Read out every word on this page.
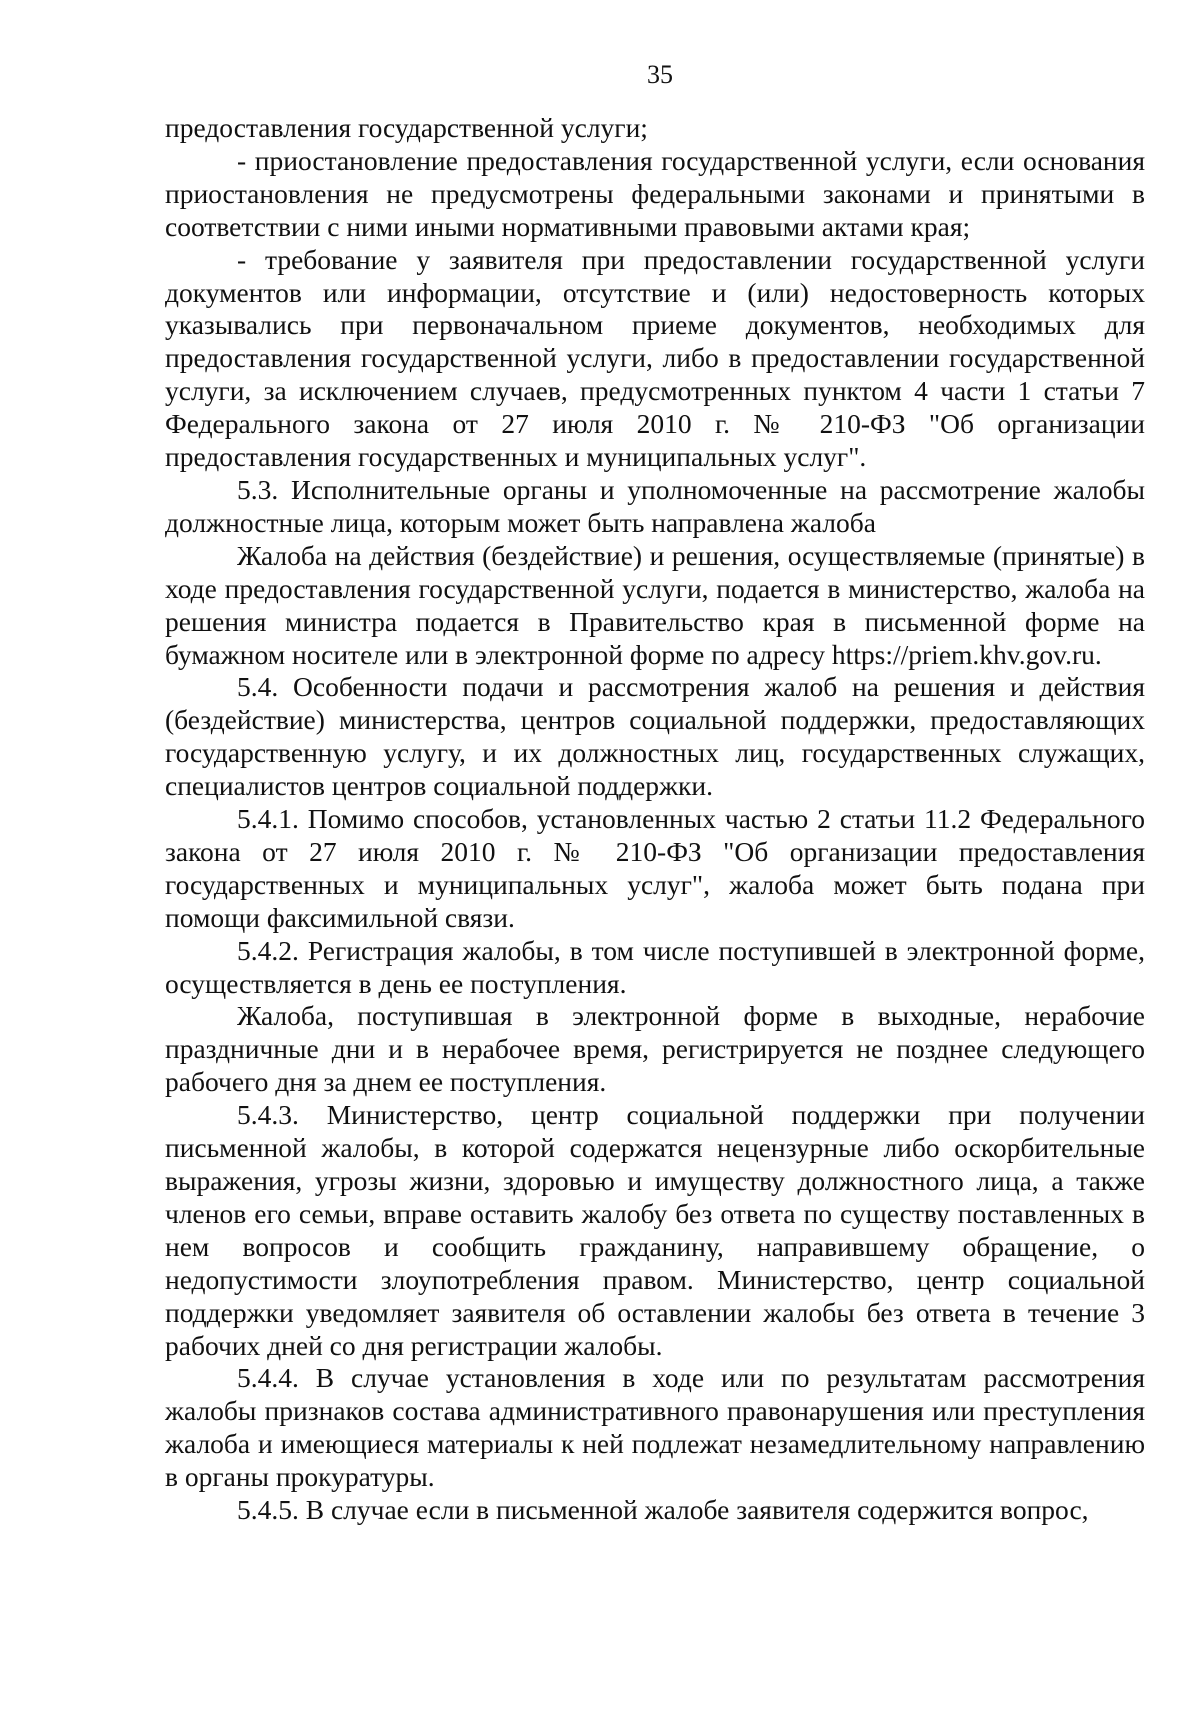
35

предоставления государственной услуги;

- приостановление предоставления государственной услуги, если основания приостановления не предусмотрены федеральными законами и принятыми в соответствии с ними иными нормативными правовыми актами края;

- требование у заявителя при предоставлении государственной услуги документов или информации, отсутствие и (или) недостоверность которых указывались при первоначальном приеме документов, необходимых для предоставления государственной услуги, либо в предоставлении государственной услуги, за исключением случаев, предусмотренных пунктом 4 части 1 статьи 7 Федерального закона от 27 июля 2010 г. № 210-ФЗ "Об организации предоставления государственных и муниципальных услуг".

5.3. Исполнительные органы и уполномоченные на рассмотрение жалобы должностные лица, которым может быть направлена жалоба

Жалоба на действия (бездействие) и решения, осуществляемые (принятые) в ходе предоставления государственной услуги, подается в министерство, жалоба на решения министра подается в Правительство края в письменной форме на бумажном носителе или в электронной форме по адресу https://priem.khv.gov.ru.

5.4. Особенности подачи и рассмотрения жалоб на решения и действия (бездействие) министерства, центров социальной поддержки, предоставляющих государственную услугу, и их должностных лиц, государственных служащих, специалистов центров социальной поддержки.

5.4.1. Помимо способов, установленных частью 2 статьи 11.2 Федерального закона от 27 июля 2010 г. № 210-ФЗ "Об организации предоставления государственных и муниципальных услуг", жалоба может быть подана при помощи факсимильной связи.

5.4.2. Регистрация жалобы, в том числе поступившей в электронной форме, осуществляется в день ее поступления.

Жалоба, поступившая в электронной форме в выходные, нерабочие праздничные дни и в нерабочее время, регистрируется не позднее следующего рабочего дня за днем ее поступления.

5.4.3. Министерство, центр социальной поддержки при получении письменной жалобы, в которой содержатся нецензурные либо оскорбительные выражения, угрозы жизни, здоровью и имуществу должностного лица, а также членов его семьи, вправе оставить жалобу без ответа по существу поставленных в нем вопросов и сообщить гражданину, направившему обращение, о недопустимости злоупотребления правом. Министерство, центр социальной поддержки уведомляет заявителя об оставлении жалобы без ответа в течение 3 рабочих дней со дня регистрации жалобы.

5.4.4. В случае установления в ходе или по результатам рассмотрения жалобы признаков состава административного правонарушения или преступления жалоба и имеющиеся материалы к ней подлежат незамедлительному направлению в органы прокуратуры.

5.4.5. В случае если в письменной жалобе заявителя содержится вопрос,
